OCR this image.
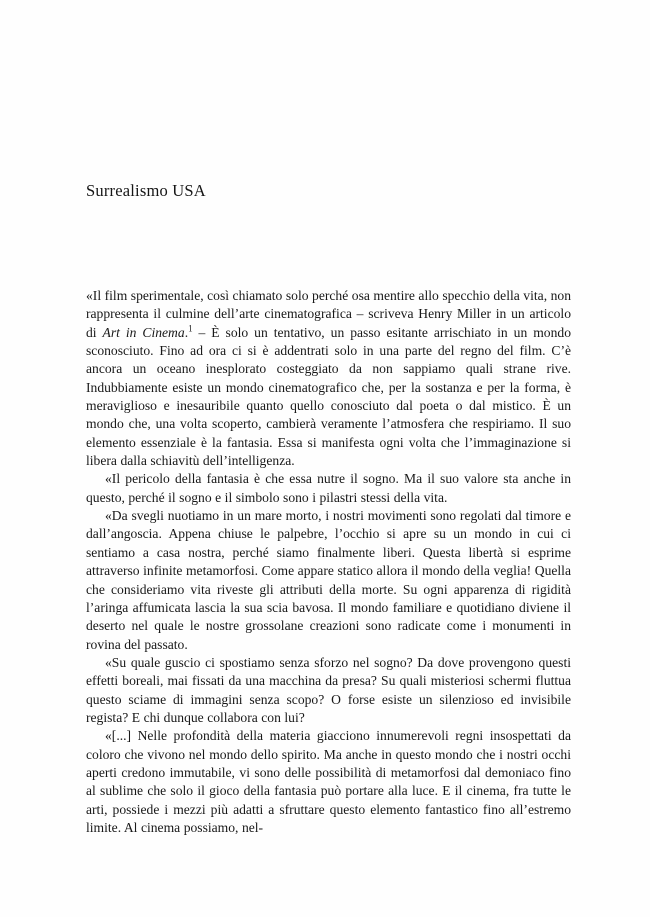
Surrealismo USA

«Il film sperimentale, così chiamato solo perché osa mentire allo specchio della vita, non rappresenta il culmine dell’arte cinematografica – scriveva Henry Miller in un articolo di Art in Cinema.$^1$ – È solo un tentativo, un passo esitante arrischiato in un mondo sconosciuto. Fino ad ora ci si è addentrati solo in una parte del regno del film. C’è ancora un oceano inesplorato costeggiato da non sappiamo quali strane rive. Indubbiamente esiste un mondo cinematografico che, per la sostanza e per la forma, è meraviglioso e inesauribile quanto quello conosciuto dal poeta o dal mistico. È un mondo che, una volta scoperto, cambierà veramente l’atmosfera che respiriamo. Il suo elemento essenziale è la fantasia. Essa si manifesta ogni volta che l’immaginazione si libera dalla schiavitù dell’intelligenza.

«Il pericolo della fantasia è che essa nutre il sogno. Ma il suo valore sta anche in questo, perché il sogno e il simbolo sono i pilastri stessi della vita.

«Da svegli nuotiamo in un mare morto, i nostri movimenti sono regolati dal timore e dall’angoscia. Appena chiuse le palpebre, l’occhio si apre su un mondo in cui ci sentiamo a casa nostra, perché siamo finalmente liberi. Questa libertà si esprime attraverso infinite metamorfosi. Come appare statico allora il mondo della veglia! Quella che consideriamo vita riveste gli attributi della morte. Su ogni apparenza di rigidità l’aringa affumicata lascia la sua scia bavosa. Il mondo familiare e quotidiano diviene il deserto nel quale le nostre grossolane creazioni sono radicate come i monumenti in rovina del passato.

«Su quale guscio ci spostiamo senza sforzo nel sogno? Da dove provengono questi effetti boreali, mai fissati da una macchina da presa? Su quali misteriosi schermi fluttua questo sciame di immagini senza scopo? O forse esiste un silenzioso ed invisibile regista? E chi dunque collabora con lui?

«[...] Nelle profondità della materia giacciono innumerevoli regni insospettati da coloro che vivono nel mondo dello spirito. Ma anche in questo mondo che i nostri occhi aperti credono immutabile, vi sono delle possibilità di metamorfosi dal demoniaco fino al sublime che solo il gioco della fantasia può portare alla luce. E il cinema, fra tutte le arti, possiede i mezzi più adatti a sfruttare questo elemento fantastico fino all’estremo limite. Al cinema possiamo, nel-
